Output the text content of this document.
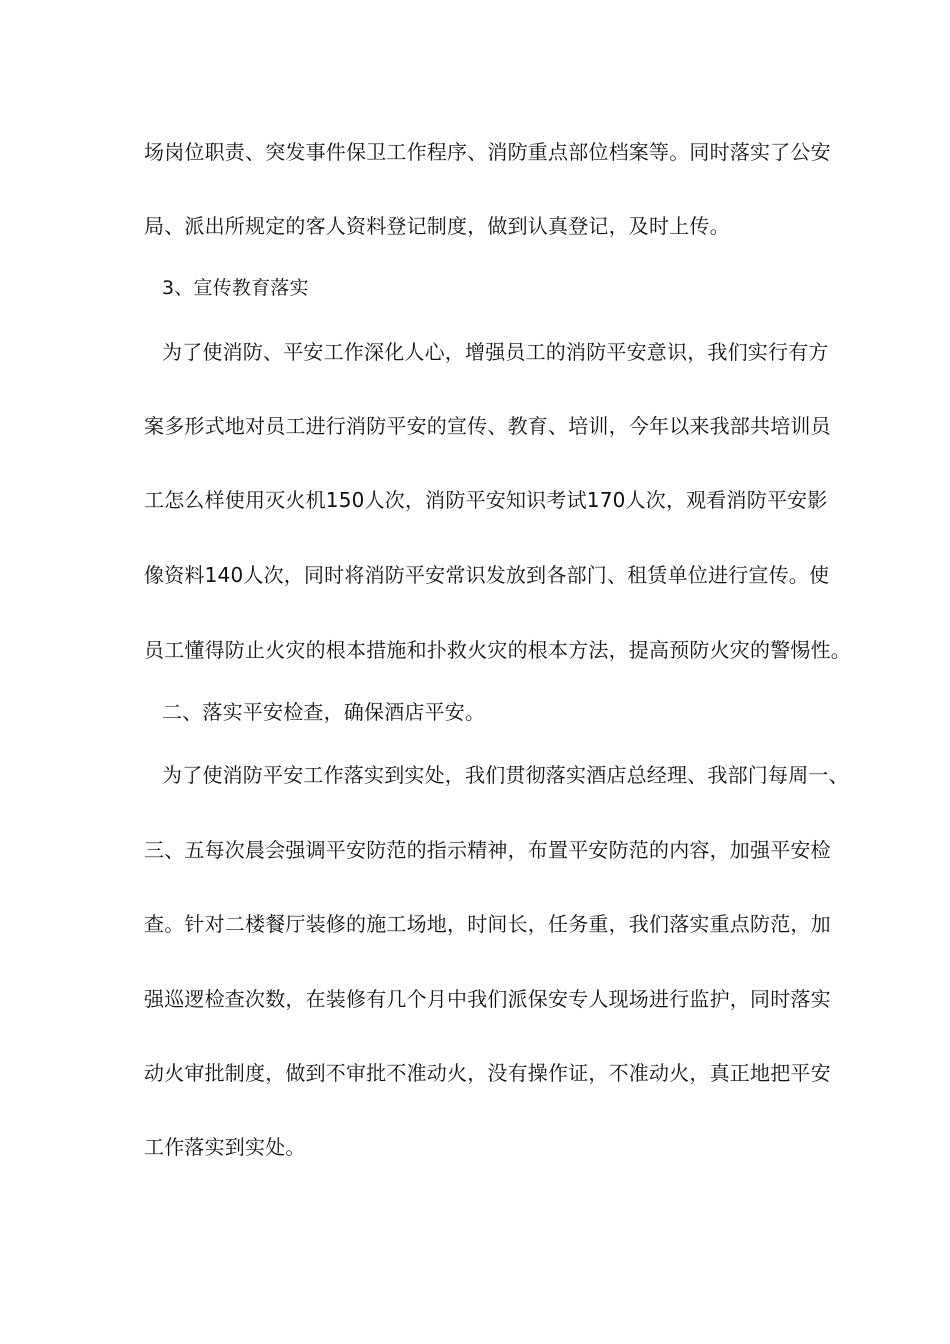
场岗位职责、突发事件保卫工作程序、消防重点部位档案等。同时落实了公安
局、派出所规定的客人资料登记制度，做到认真登记，及时上传。
3、宣传教育落实
为了使消防、平安工作深化人心，增强员工的消防平安意识，我们实行有方
案多形式地对员工进行消防平安的宣传、教育、培训，今年以来我部共培训员
工怎么样使用灭火机150人次，消防平安知识考试170人次，观看消防平安影
像资料140人次，同时将消防平安常识发放到各部门、租赁单位进行宣传。使
员工懂得防止火灾的根本措施和扑救火灾的根本方法，提高预防火灾的警惕性。
二、落实平安检查，确保酒店平安。
为了使消防平安工作落实到实处，我们贯彻落实酒店总经理、我部门每周一、
三、五每次晨会强调平安防范的指示精神，布置平安防范的内容，加强平安检
查。针对二楼餐厅装修的施工场地，时间长，任务重，我们落实重点防范，加
强巡逻检查次数，在装修有几个月中我们派保安专人现场进行监护，同时落实
动火审批制度，做到不审批不准动火，没有操作证，不准动火，真正地把平安
工作落实到实处。
